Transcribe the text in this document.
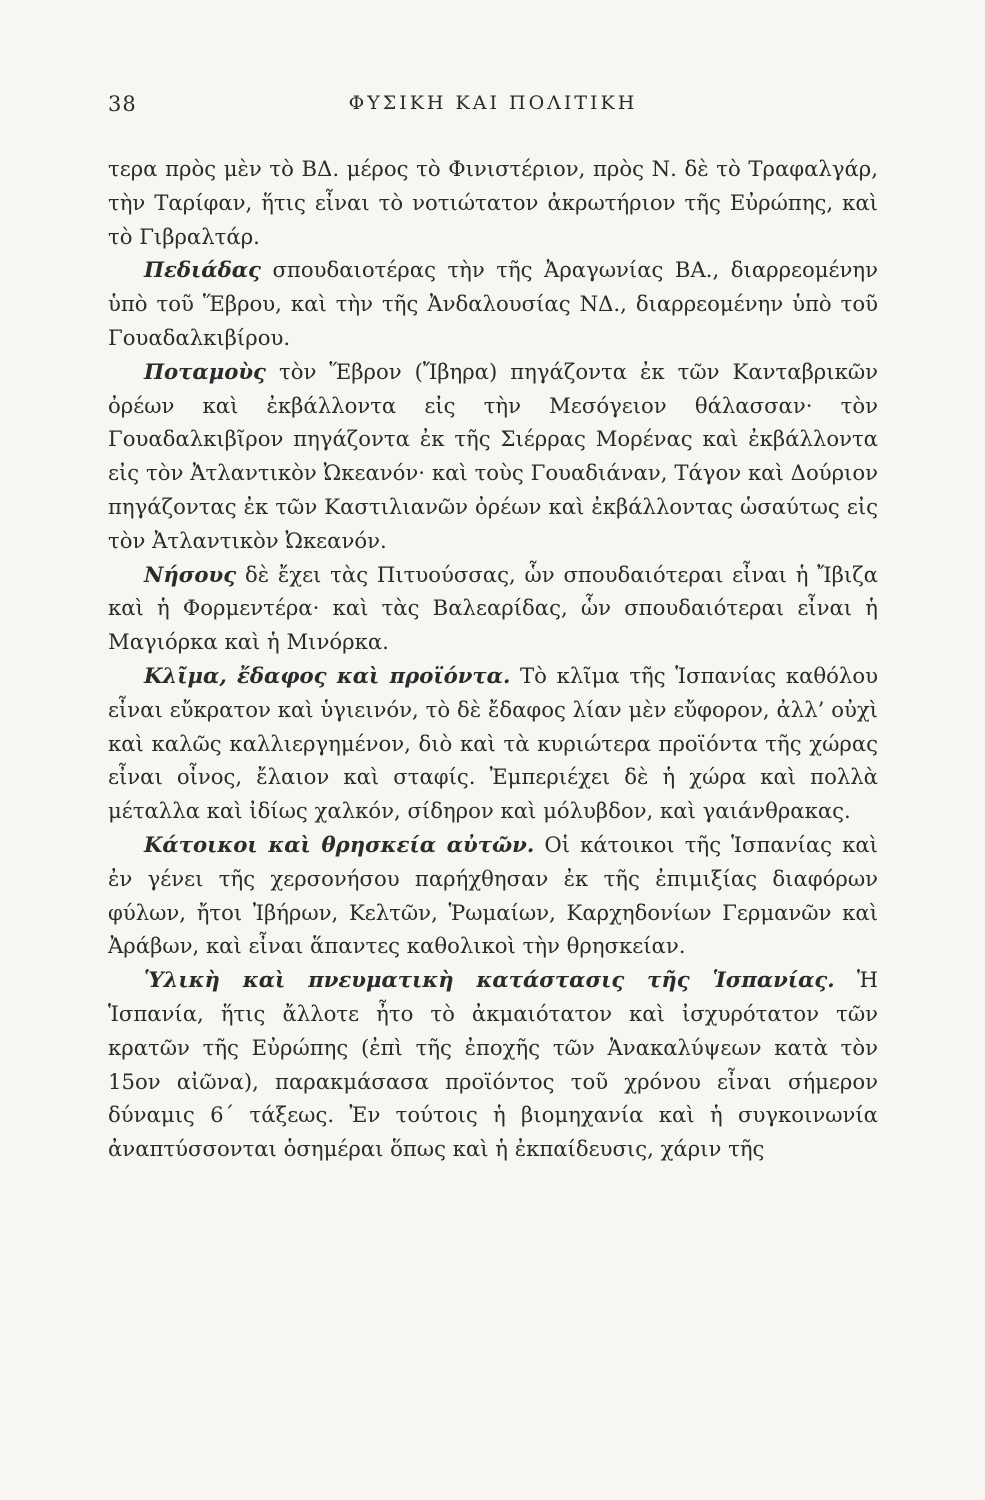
38	ΦΥΣΙΚΗ ΚΑΙ ΠΟΛΙΤΙΚΗ

τερα πρὸς μὲν τὸ ΒΔ. μέρος τὸ Φινιστέριον, πρὸς Ν. δὲ τὸ Τραφαλγάρ, τὴν Ταρίφαν, ἥτις εἶναι τὸ νοτιώτατον ἀκρωτήριον τῆς Εὐρώπης, καὶ τὸ Γιβραλτάρ.

Πεδιάδας σπουδαιοτέρας τὴν τῆς Ἀραγωνίας ΒΑ., διαρρεομένην ὑπὸ τοῦ Ἕβρου, καὶ τὴν τῆς Ἀνδαλουσίας ΝΔ., διαρρεομένην ὑπὸ τοῦ Γουαδαλκιβίρου.

Ποταμοὺς τὸν Ἕβρον (Ἴβηρα) πηγάζοντα ἐκ τῶν Κανταβρικῶν ὀρέων καὶ ἐκβάλλοντα εἰς τὴν Μεσόγειον θάλασσαν· τὸν Γουαδαλκιβῖρον πηγάζοντα ἐκ τῆς Σιέρρας Μορένας καὶ ἐκβάλλοντα εἰς τὸν Ἀτλαντικὸν Ὠκεανόν· καὶ τοὺς Γουαδιάναν, Τάγον καὶ Δούριον πηγάζοντας ἐκ τῶν Καστιλιανῶν ὀρέων καὶ ἐκβάλλοντας ὡσαύτως εἰς τὸν Ἀτλαντικὸν Ὠκεανόν.

Νήσους δὲ ἔχει τὰς Πιτυούσσας, ὧν σπουδαιότεραι εἶναι ἡ Ἴβιζα καὶ ἡ Φορμεντέρα· καὶ τὰς Βαλεαρίδας, ὧν σπουδαιότεραι εἶναι ἡ Μαγιόρκα καὶ ἡ Μινόρκα.

Κλῖμα, ἔδαφος καὶ προϊόντα. Τὸ κλῖμα τῆς Ἱσπανίας καθόλου εἶναι εὔκρατον καὶ ὑγιεινόν, τὸ δὲ ἔδαφος λίαν μὲν εὔφορον, ἀλλ’ οὐχὶ καὶ καλῶς καλλιεργημένον, διὸ καὶ τὰ κυριώτερα προϊόντα τῆς χώρας εἶναι οἶνος, ἔλαιον καὶ σταφίς. Ἐμπεριέχει δὲ ἡ χώρα καὶ πολλὰ μέταλλα καὶ ἰδίως χαλκόν, σίδηρον καὶ μόλυβδον, καὶ γαιάνθρακας.

Κάτοικοι καὶ θρησκεία αὐτῶν. Οἱ κάτοικοι τῆς Ἱσπανίας καὶ ἐν γένει τῆς χερσονήσου παρήχθησαν ἐκ τῆς ἐπιμιξίας διαφόρων φύλων, ἤτοι Ἰβήρων, Κελτῶν, Ῥωμαίων, Καρχηδονίων Γερμανῶν καὶ Ἀράβων, καὶ εἶναι ἅπαντες καθολικοὶ τὴν θρησκείαν.

Ὑλικὴ καὶ πνευματικὴ κατάστασις τῆς Ἱσπανίας. Ἡ Ἱσπανία, ἥτις ἄλλοτε ἦτο τὸ ἀκμαιότατον καὶ ἰσχυρότατον τῶν κρατῶν τῆς Εὐρώπης (ἐπὶ τῆς ἐποχῆς τῶν Ἀνακαλύψεων κατὰ τὸν 15ον αἰῶνα), παρακμάσασα προϊόντος τοῦ χρόνου εἶναι σήμερον δύναμις 6΄ τάξεως. Ἐν τούτοις ἡ βιομηχανία καὶ ἡ συγκοινωνία ἀναπτύσσονται ὁσημέραι ὅπως καὶ ἡ ἐκπαίδευσις, χάριν τῆς
